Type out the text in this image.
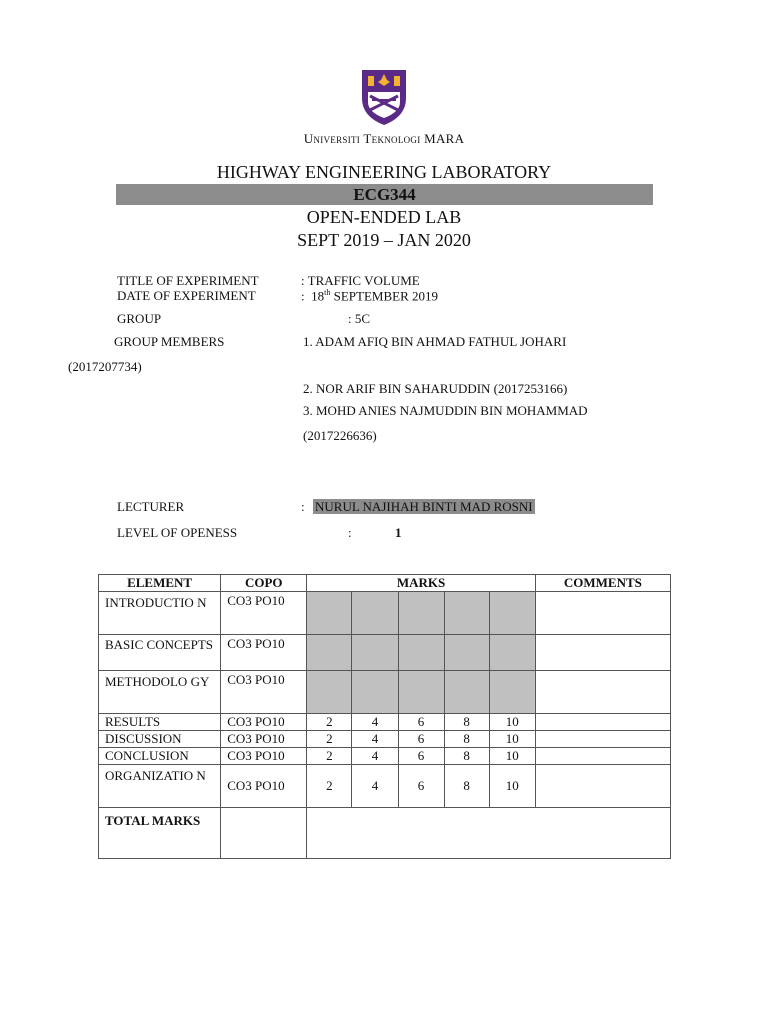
Universiti Teknologi MARA
HIGHWAY ENGINEERING LABORATORY
ECG344
OPEN-ENDED LAB
SEPT 2019 – JAN 2020
TITLE OF EXPERIMENT	: TRAFFIC VOLUME
DATE OF EXPERIMENT	: 18th SEPTEMBER 2019
GROUP	: 5C
GROUP MEMBERS	1. ADAM AFIQ BIN AHMAD FATHUL JOHARI
(2017207734)
2. NOR ARIF BIN SAHARUDDIN (2017253166)
3. MOHD ANIES NAJMUDDIN BIN MOHAMMAD
(2017226636)
LECTURER	: NURUL NAJIHAH BINTI MAD ROSNI
LEVEL OF OPENESS	:	1
ELEMENT	COPO	MARKS					COMMENTS
INTRODUCTIO N	CO3 PO10						
BASIC CONCEPTS	CO3 PO10						
METHODOLO GY	CO3 PO10						
RESULTS	CO3 PO10	2	4	6	8	10	
DISCUSSION	CO3 PO10	2	4	6	8	10	
CONCLUSION	CO3 PO10	2	4	6	8	10	
ORGANIZATIO N	CO3 PO10	2	4	6	8	10	
TOTAL MARKS							
